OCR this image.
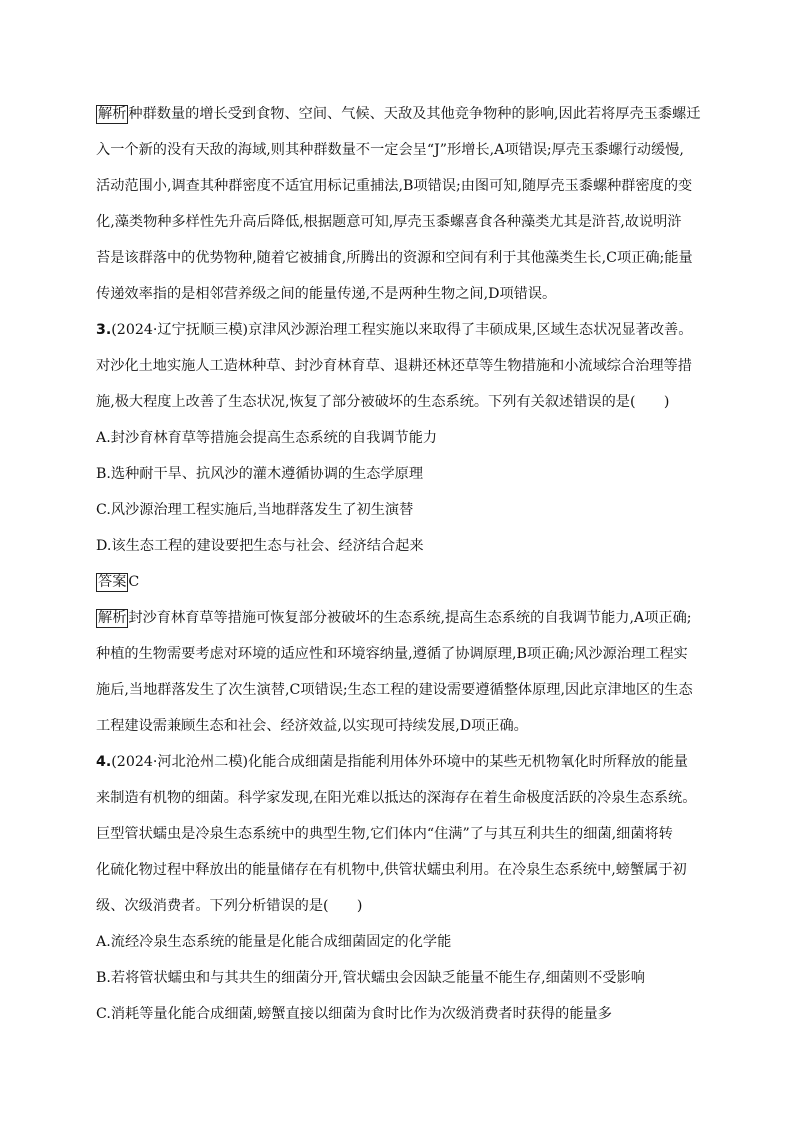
解析 种群数量的增长受到食物、空间、气候、天敌及其他竞争物种的影响,因此若将厚壳玉黍螺迁
入一个新的没有天敌的海域,则其种群数量不一定会呈“J”形增长,A项错误;厚壳玉黍螺行动缓慢,
活动范围小,调查其种群密度不适宜用标记重捕法,B项错误;由图可知,随厚壳玉黍螺种群密度的变
化,藻类物种多样性先升高后降低,根据题意可知,厚壳玉黍螺喜食各种藻类尤其是浒苔,故说明浒
苔是该群落中的优势物种,随着它被捕食,所腾出的资源和空间有利于其他藻类生长,C项正确;能量
传递效率指的是相邻营养级之间的能量传递,不是两种生物之间,D项错误。
3.(2024·辽宁抚顺三模)京津风沙源治理工程实施以来取得了丰硕成果,区域生态状况显著改善。
对沙化土地实施人工造林种草、封沙育林育草、退耕还林还草等生物措施和小流域综合治理等措
施,极大程度上改善了生态状况,恢复了部分被破坏的生态系统。下列有关叙述错误的是(　　)
A.封沙育林育草等措施会提高生态系统的自我调节能力
B.选种耐干旱、抗风沙的灌木遵循协调的生态学原理
C.风沙源治理工程实施后,当地群落发生了初生演替
D.该生态工程的建设要把生态与社会、经济结合起来
答案 C
解析 封沙育林育草等措施可恢复部分被破坏的生态系统,提高生态系统的自我调节能力,A项正确;
种植的生物需要考虑对环境的适应性和环境容纳量,遵循了协调原理,B项正确;风沙源治理工程实
施后,当地群落发生了次生演替,C项错误;生态工程的建设需要遵循整体原理,因此京津地区的生态
工程建设需兼顾生态和社会、经济效益,以实现可持续发展,D项正确。
4.(2024·河北沧州二模)化能合成细菌是指能利用体外环境中的某些无机物氧化时所释放的能量
来制造有机物的细菌。科学家发现,在阳光难以抵达的深海存在着生命极度活跃的冷泉生态系统。
巨型管状蠕虫是冷泉生态系统中的典型生物,它们体内“住满”了与其互利共生的细菌,细菌将转
化硫化物过程中释放出的能量储存在有机物中,供管状蠕虫利用。在冷泉生态系统中,螃蟹属于初
级、次级消费者。下列分析错误的是(　　)
A.流经冷泉生态系统的能量是化能合成细菌固定的化学能
B.若将管状蠕虫和与其共生的细菌分开,管状蠕虫会因缺乏能量不能生存,细菌则不受影响
C.消耗等量化能合成细菌,螃蟹直接以细菌为食时比作为次级消费者时获得的能量多
